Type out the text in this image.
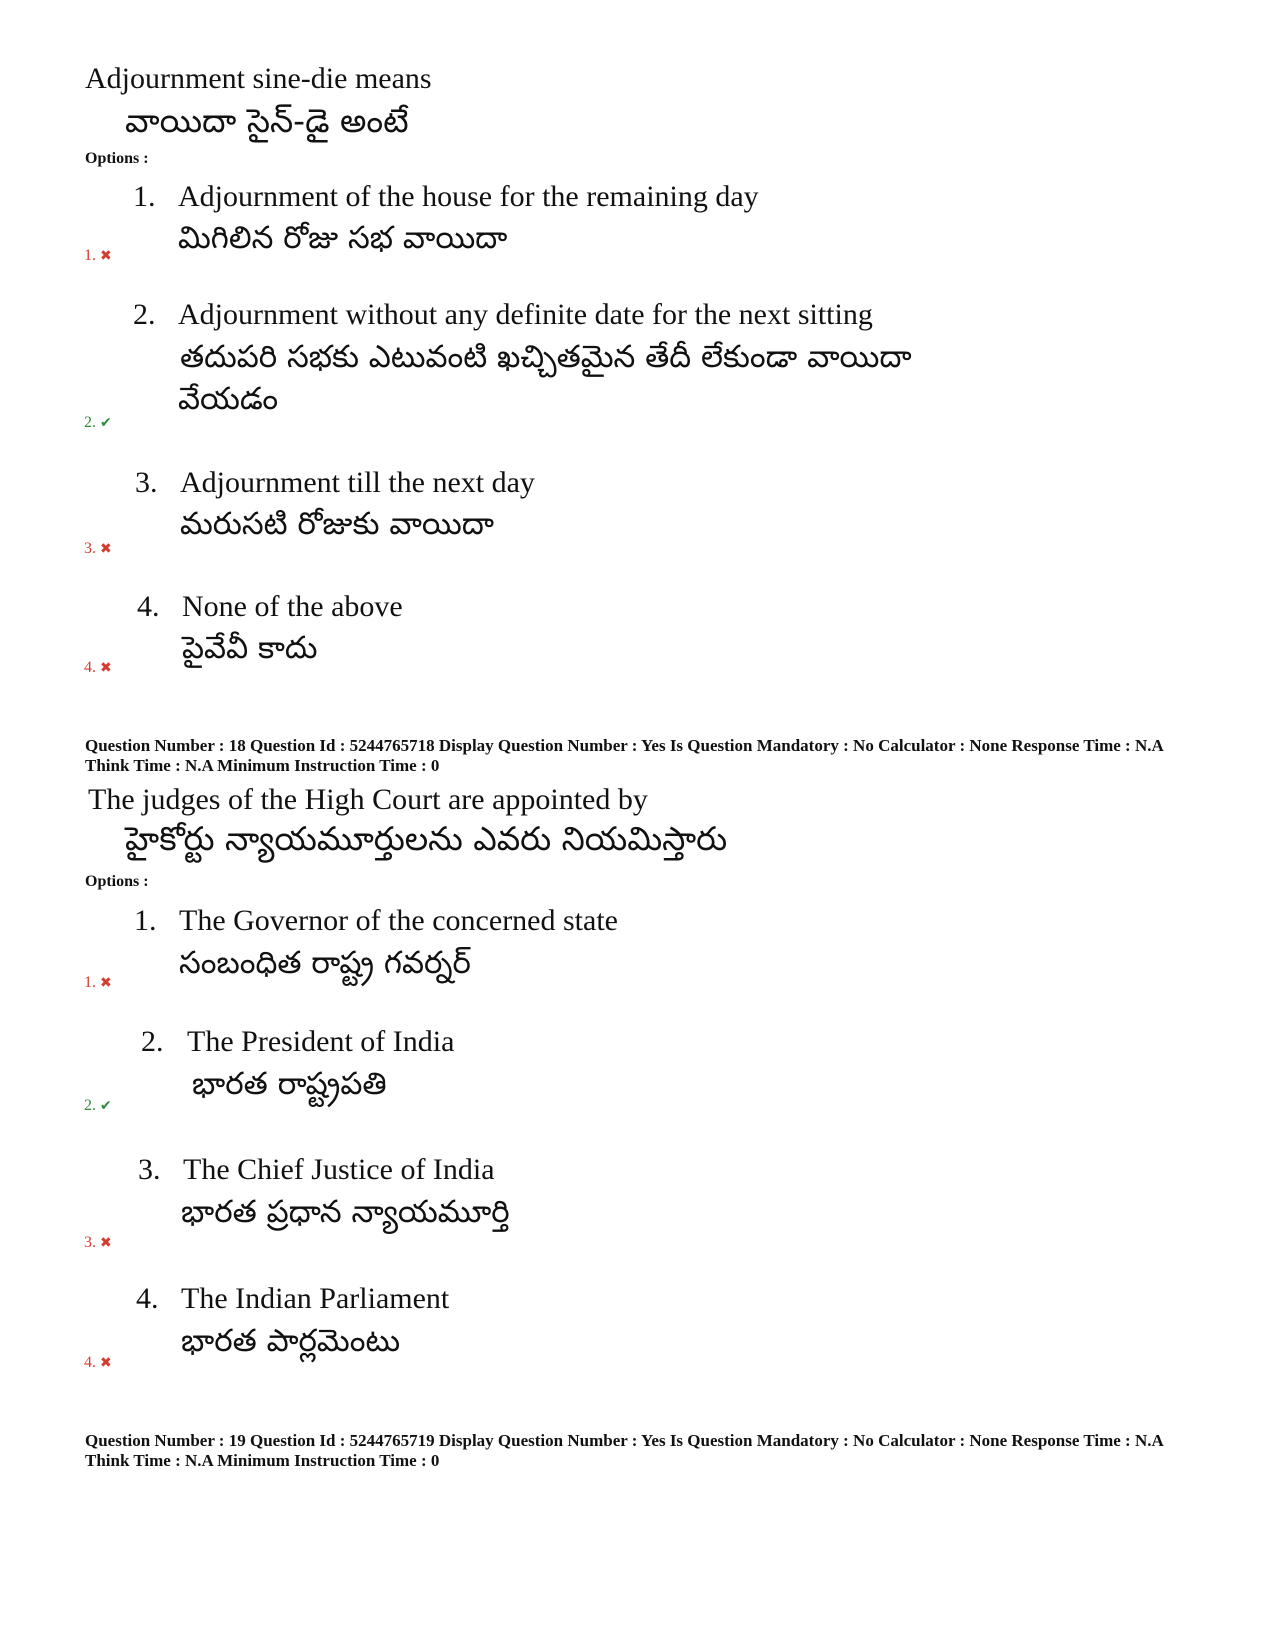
Adjournment sine-die means
వాయిదా సైన్-డై అంటే
Options :
1. Adjournment of the house for the remaining day
మిగిలిన రోజు సభ వాయిదా
1. ✖
2. Adjournment without any definite date for the next sitting
తదుపరి సభకు ఎటువంటి ఖచ్చితమైన తేదీ లేకుండా వాయిదా
వేయడం
2. ✔
3. Adjournment till the next day
మరుసటి రోజుకు వాయిదా
3. ✖
4. None of the above
పైవేవీ కాదు
4. ✖
Question Number : 18 Question Id : 5244765718 Display Question Number : Yes Is Question Mandatory : No Calculator : None Response Time : N.A Think Time : N.A Minimum Instruction Time : 0
The judges of the High Court are appointed by
హైకోర్టు న్యాయమూర్తులను ఎవరు నియమిస్తారు
Options :
1. The Governor of the concerned state
సంబంధిత రాష్ట్ర గవర్నర్
1. ✖
2. The President of India
భారత రాష్ట్రపతి
2. ✔
3. The Chief Justice of India
భారత ప్రధాన న్యాయమూర్తి
3. ✖
4. The Indian Parliament
భారత పార్లమెంటు
4. ✖
Question Number : 19 Question Id : 5244765719 Display Question Number : Yes Is Question Mandatory : No Calculator : None Response Time : N.A Think Time : N.A Minimum Instruction Time : 0
